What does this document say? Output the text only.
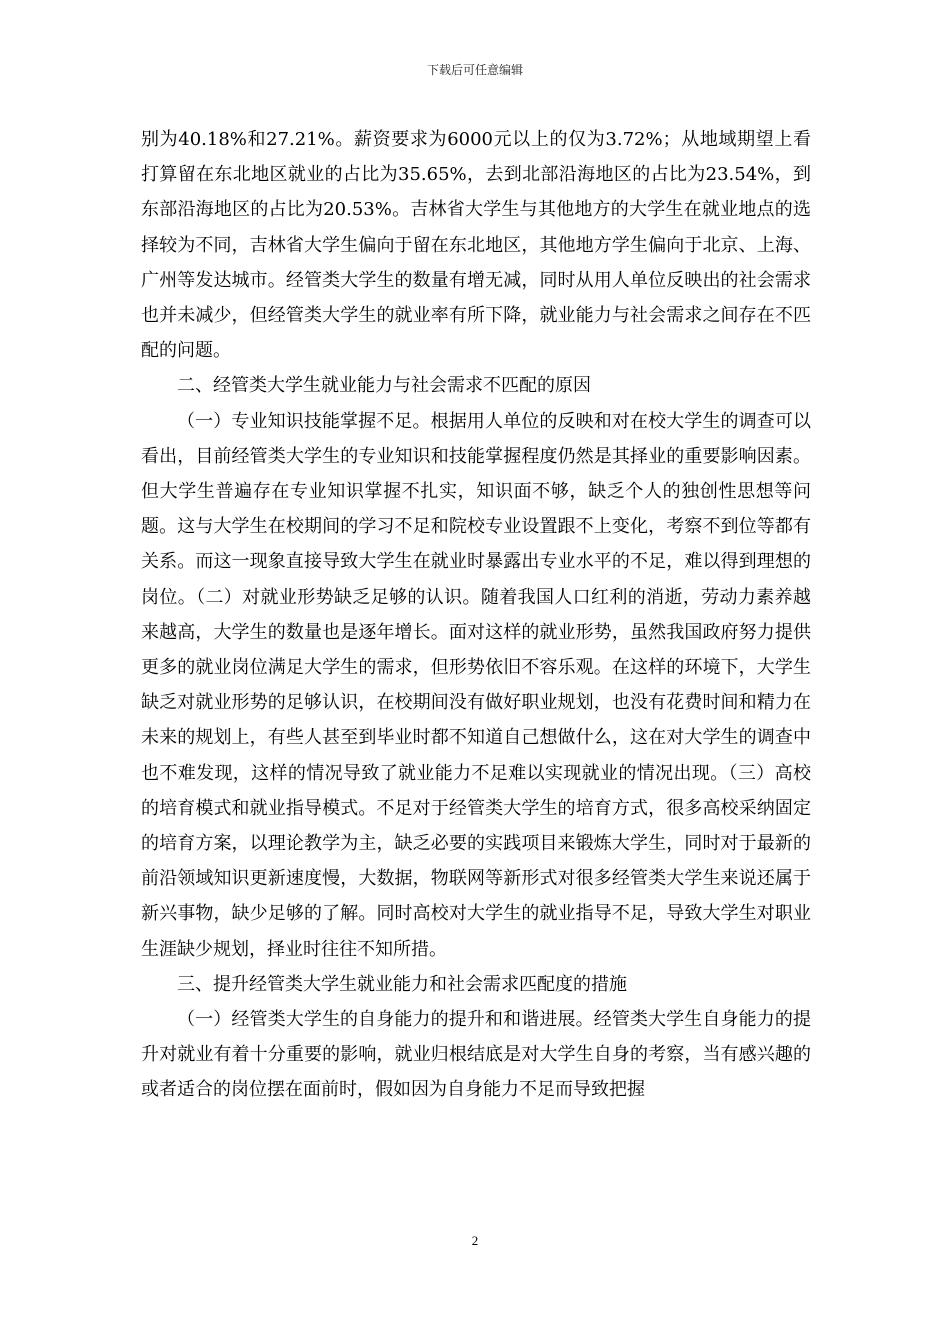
下载后可任意编辑

别为40.18%和27.21%。薪资要求为6000元以上的仅为3.72%；从地域期望上看打算留在东北地区就业的占比为35.65%，去到北部沿海地区的占比为23.54%，到东部沿海地区的占比为20.53%。吉林省大学生与其他地方的大学生在就业地点的选择较为不同，吉林省大学生偏向于留在东北地区，其他地方学生偏向于北京、上海、广州等发达城市。经管类大学生的数量有增无减，同时从用人单位反映出的社会需求也并未减少，但经管类大学生的就业率有所下降，就业能力与社会需求之间存在不匹配的问题。

二、经管类大学生就业能力与社会需求不匹配的原因

（一）专业知识技能掌握不足。根据用人单位的反映和对在校大学生的调查可以看出，目前经管类大学生的专业知识和技能掌握程度仍然是其择业的重要影响因素。但大学生普遍存在专业知识掌握不扎实，知识面不够，缺乏个人的独创性思想等问题。这与大学生在校期间的学习不足和院校专业设置跟不上变化，考察不到位等都有关系。而这一现象直接导致大学生在就业时暴露出专业水平的不足，难以得到理想的岗位。（二）对就业形势缺乏足够的认识。随着我国人口红利的消逝，劳动力素养越来越高，大学生的数量也是逐年增长。面对这样的就业形势，虽然我国政府努力提供更多的就业岗位满足大学生的需求，但形势依旧不容乐观。在这样的环境下，大学生缺乏对就业形势的足够认识，在校期间没有做好职业规划，也没有花费时间和精力在未来的规划上，有些人甚至到毕业时都不知道自己想做什么，这在对大学生的调查中也不难发现，这样的情况导致了就业能力不足难以实现就业的情况出现。（三）高校的培育模式和就业指导模式。不足对于经管类大学生的培育方式，很多高校采纳固定的培育方案，以理论教学为主，缺乏必要的实践项目来锻炼大学生，同时对于最新的前沿领域知识更新速度慢，大数据，物联网等新形式对很多经管类大学生来说还属于新兴事物，缺少足够的了解。同时高校对大学生的就业指导不足，导致大学生对职业生涯缺少规划，择业时往往不知所措。

三、提升经管类大学生就业能力和社会需求匹配度的措施

（一）经管类大学生的自身能力的提升和和谐进展。经管类大学生自身能力的提升对就业有着十分重要的影响，就业归根结底是对大学生自身的考察，当有感兴趣的或者适合的岗位摆在面前时，假如因为自身能力不足而导致把握

2
